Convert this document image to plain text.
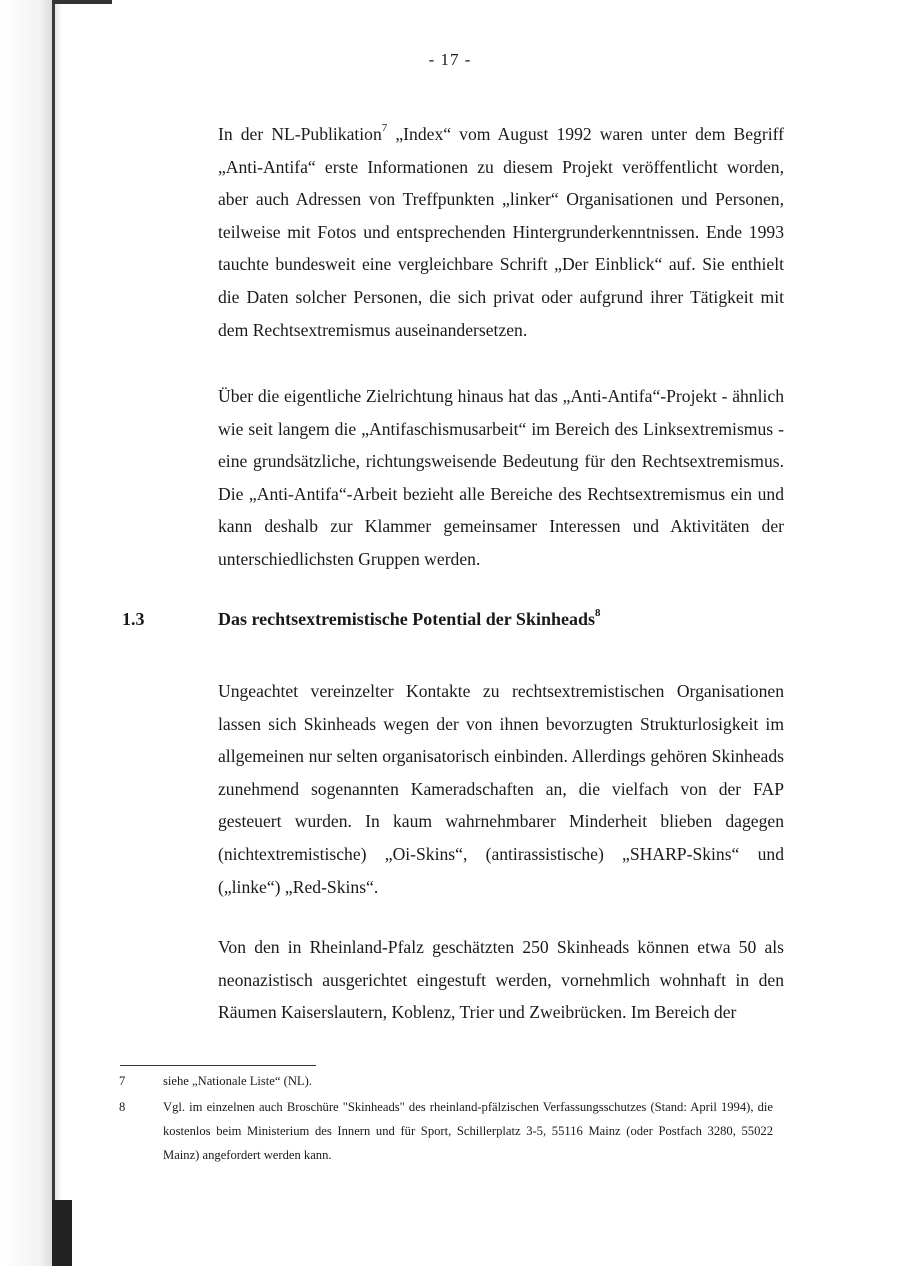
- 17 -

In der NL-Publikation$^7$ „Index“ vom August 1992 waren unter dem Begriff „Anti-Antifa“ erste Informationen zu diesem Projekt veröffentlicht worden, aber auch Adressen von Treffpunkten „linker“ Organisationen und Personen, teilweise mit Fotos und entsprechenden Hintergrunderkenntnissen. Ende 1993 tauchte bundesweit eine vergleichbare Schrift „Der Einblick“ auf. Sie enthielt die Daten solcher Personen, die sich privat oder aufgrund ihrer Tätigkeit mit dem Rechtsextremismus auseinandersetzen.

Über die eigentliche Zielrichtung hinaus hat das „Anti-Antifa“-Projekt - ähnlich wie seit langem die „Antifaschismusarbeit“ im Bereich des Linksextremismus - eine grundsätzliche, richtungsweisende Bedeutung für den Rechtsextremismus. Die „Anti-Antifa“-Arbeit bezieht alle Bereiche des Rechtsextremismus ein und kann deshalb zur Klammer gemeinsamer Interessen und Aktivitäten der unterschiedlichsten Gruppen werden.

1.3	Das rechtsextremistische Potential der Skinheads$^8$

Ungeachtet vereinzelter Kontakte zu rechtsextremistischen Organisationen lassen sich Skinheads wegen der von ihnen bevorzugten Strukturlosigkeit im allgemeinen nur selten organisatorisch einbinden. Allerdings gehören Skinheads zunehmend sogenannten Kameradschaften an, die vielfach von der FAP gesteuert wurden. In kaum wahrnehmbarer Minderheit blieben dagegen (nichtextremistische) „Oi-Skins“, (antirassistische) „SHARP-Skins“ und („linke“) „Red-Skins“.

Von den in Rheinland-Pfalz geschätzten 250 Skinheads können etwa 50 als neonazistisch ausgerichtet eingestuft werden, vornehmlich wohnhaft in den Räumen Kaiserslautern, Koblenz, Trier und Zweibrücken. Im Bereich der

7	siehe „Nationale Liste“ (NL).
8	Vgl. im einzelnen auch Broschüre "Skinheads" des rheinland-pfälzischen Verfassungsschutzes (Stand: April 1994), die kostenlos beim Ministerium des Innern und für Sport, Schillerplatz 3-5, 55116 Mainz (oder Postfach 3280, 55022 Mainz) angefordert werden kann.
